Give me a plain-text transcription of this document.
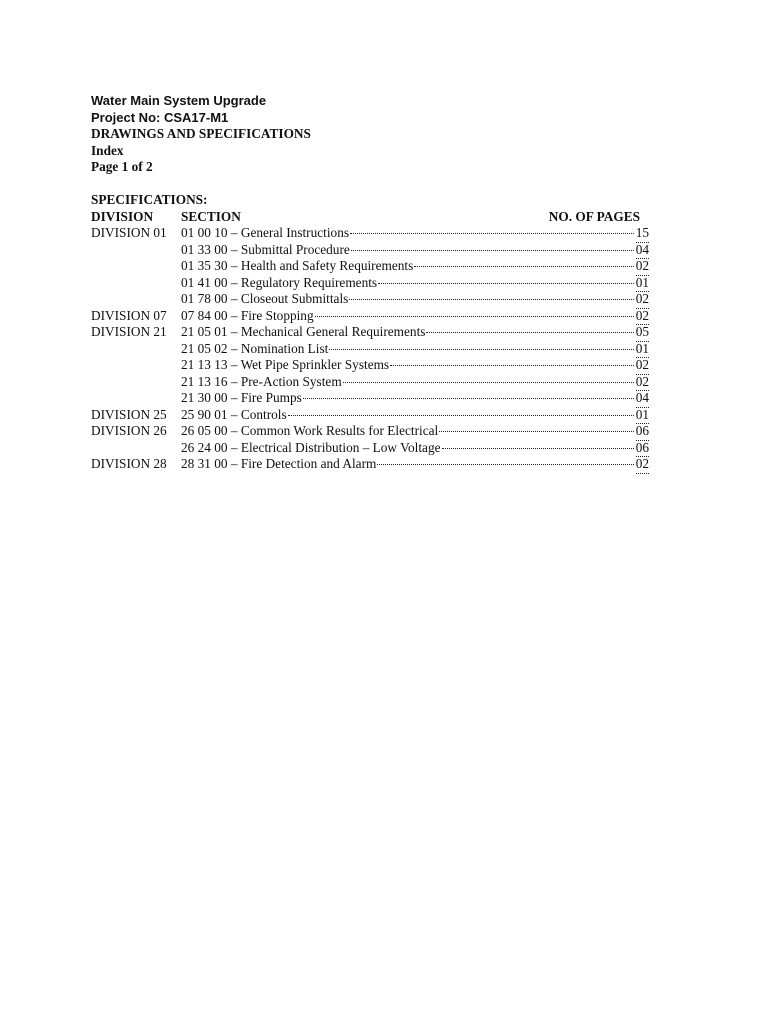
Water Main System Upgrade
Project No: CSA17-M1
DRAWINGS AND SPECIFICATIONS
Index
Page 1 of 2
SPECIFICATIONS:
DIVISION SECTION	NO. OF PAGES
DIVISION 01 01 00 10 – General Instructions	15
01 33 00 – Submittal Procedure	04
01 35 30 – Health and Safety Requirements	02
01 41 00 – Regulatory Requirements	01
01 78 00 – Closeout Submittals	02
DIVISION 07 07 84 00 – Fire Stopping	02
DIVISION 21 21 05 01 – Mechanical General Requirements	05
21 05 02 – Nomination List	01
21 13 13 – Wet Pipe Sprinkler Systems	02
21 13 16 – Pre-Action System	02
21 30 00 – Fire Pumps	04
DIVISION 25 25 90 01 – Controls	01
DIVISION 26 26 05 00 – Common Work Results for Electrical	06
26 24 00 – Electrical Distribution – Low Voltage	06
DIVISION 28 28 31 00 – Fire Detection and Alarm	02
